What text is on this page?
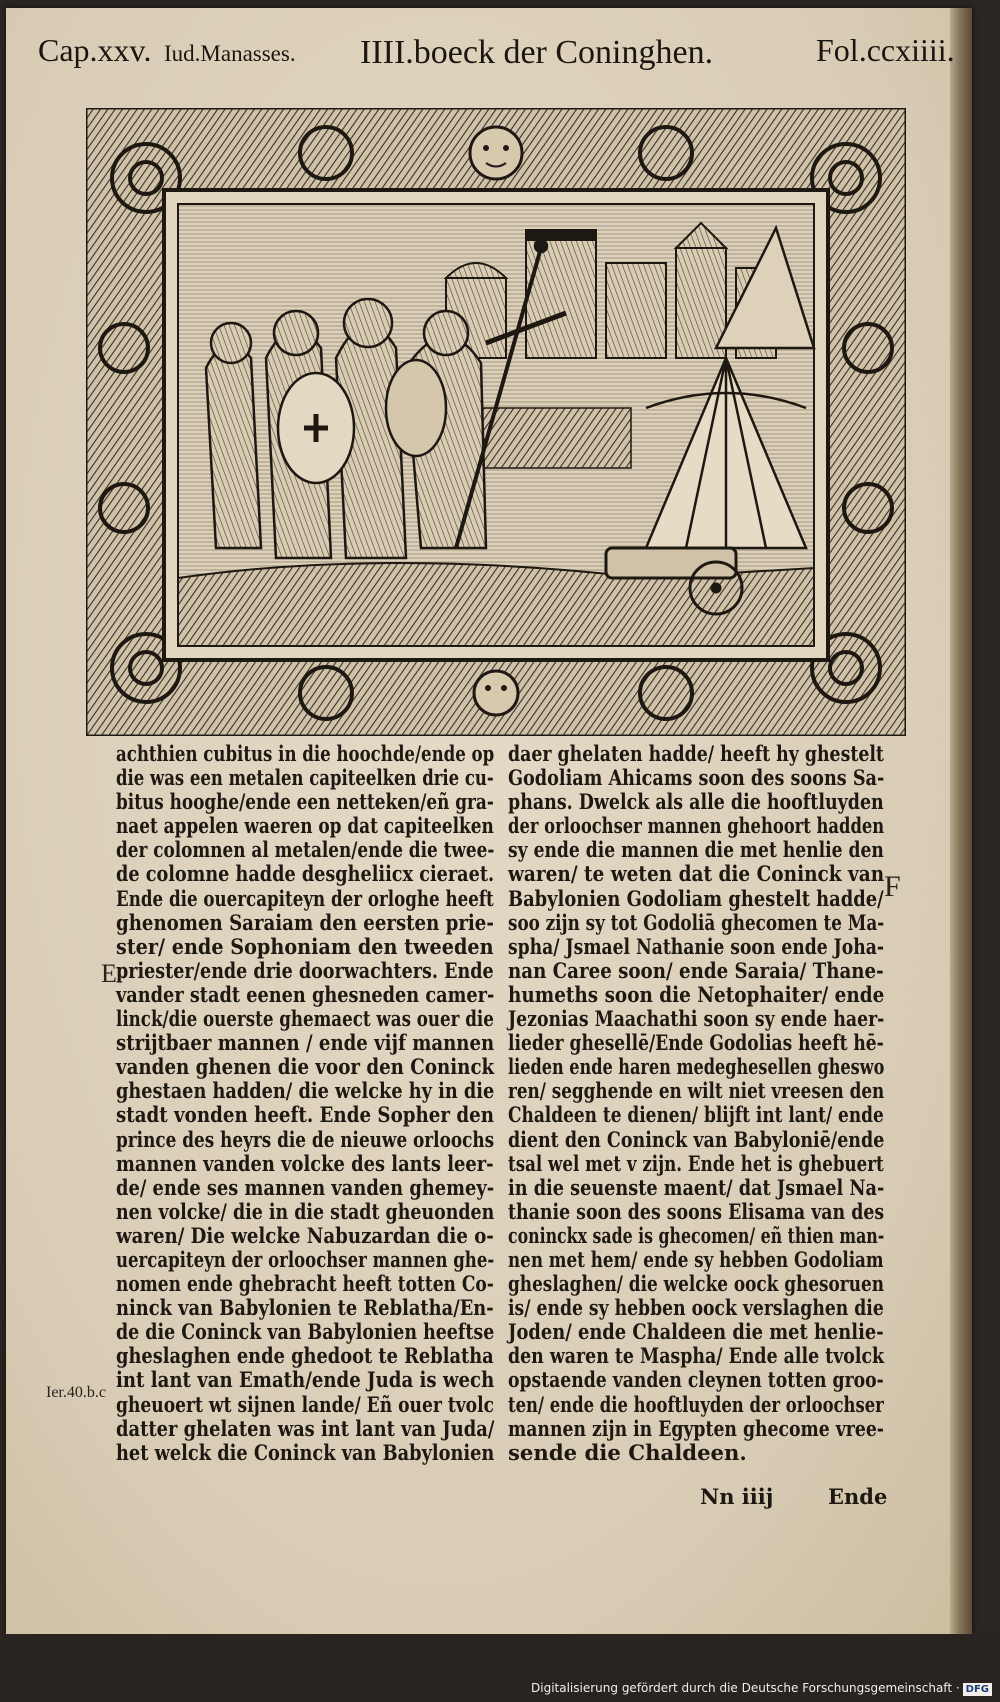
Cap.xxv. Iud.Manasses. IIII.boeck der Coninghen.	Fol.ccxiiii.
achthien cubitus in die hoochde/ende op
die was een metalen capiteelken drie cu-
bitus hooghe/ende een netteken/eñ gra-
naet appelen waeren op dat capiteelken
der colomnen al metalen/ende die twee-
de colomne hadde desgheliicx cieraet.
Ende die ouercapiteyn der orloghe heeft
ghenomen Saraiam den eersten prie-
ster/ ende Sophoniam den tweeden
priester/ende drie doorwachters. Ende
vander stadt eenen ghesneden camer-
linck/die ouerste ghemaect was ouer die
strijtbaer mannen / ende vijf mannen
vanden ghenen die voor den Coninck
ghestaen hadden/ die welcke hy in die
stadt vonden heeft. Ende Sopher den
prince des heyrs die de nieuwe orloochs
mannen vanden volcke des lants leer-
de/ ende ses mannen vanden ghemey-
nen volcke/ die in die stadt gheuonden
waren/ Die welcke Nabuzardan die o-
uercapiteyn der orloochser mannen ghe-
nomen ende ghebracht heeft totten Co-
ninck van Babylonien te Reblatha/En-
de die Coninck van Babylonien heeftse
gheslaghen ende ghedoot te Reblatha
int lant van Emath/ende Juda is wech
gheuoert wt sijnen lande/ Eñ ouer tvolc
datter ghelaten was int lant van Juda/
het welck die Coninck van Babylonien
daer ghelaten hadde/ heeft hy ghestelt
Godoliam Ahicams soon des soons Sa-
phans. Dwelck als alle die hooftluyden
der orloochser mannen ghehoort hadden
sy ende die mannen die met henlie den
waren/ te weten dat die Coninck van
Babylonien Godoliam ghestelt hadde/
soo zijn sy tot Godoliā ghecomen te Ma-
spha/ Jsmael Nathanie soon ende Joha-
nan Caree soon/ ende Saraia/ Thane-
humeths soon die Netophaiter/ ende
Jezonias Maachathi soon sy ende haer-
lieder ghesellē/Ende Godolias heeft hē-
lieden ende haren medeghesellen gheswo
ren/ segghende en wilt niet vreesen den
Chaldeen te dienen/ blijft int lant/ ende
dient den Coninck van Babyloniē/ende
tsal wel met v zijn. Ende het is ghebuert
in die seuenste maent/ dat Jsmael Na-
thanie soon des soons Elisama van des
coninckx sade is ghecomen/ eñ thien man-
nen met hem/ ende sy hebben Godoliam
gheslaghen/ die welcke oock ghesoruen
is/ ende sy hebben oock verslaghen die
Joden/ ende Chaldeen die met henlie-
den waren te Maspha/ Ende alle tvolck
opstaende vanden cleynen totten groo-
ten/ ende die hooftluyden der orloochser
mannen zijn in Egypten ghecome vree-
sende die Chaldeen.
E
F
Ier.40.b.c
Nn iiij	Ende
Digitalisierung gefördert durch die Deutsche Forschungsgemeinschaft · DFG
